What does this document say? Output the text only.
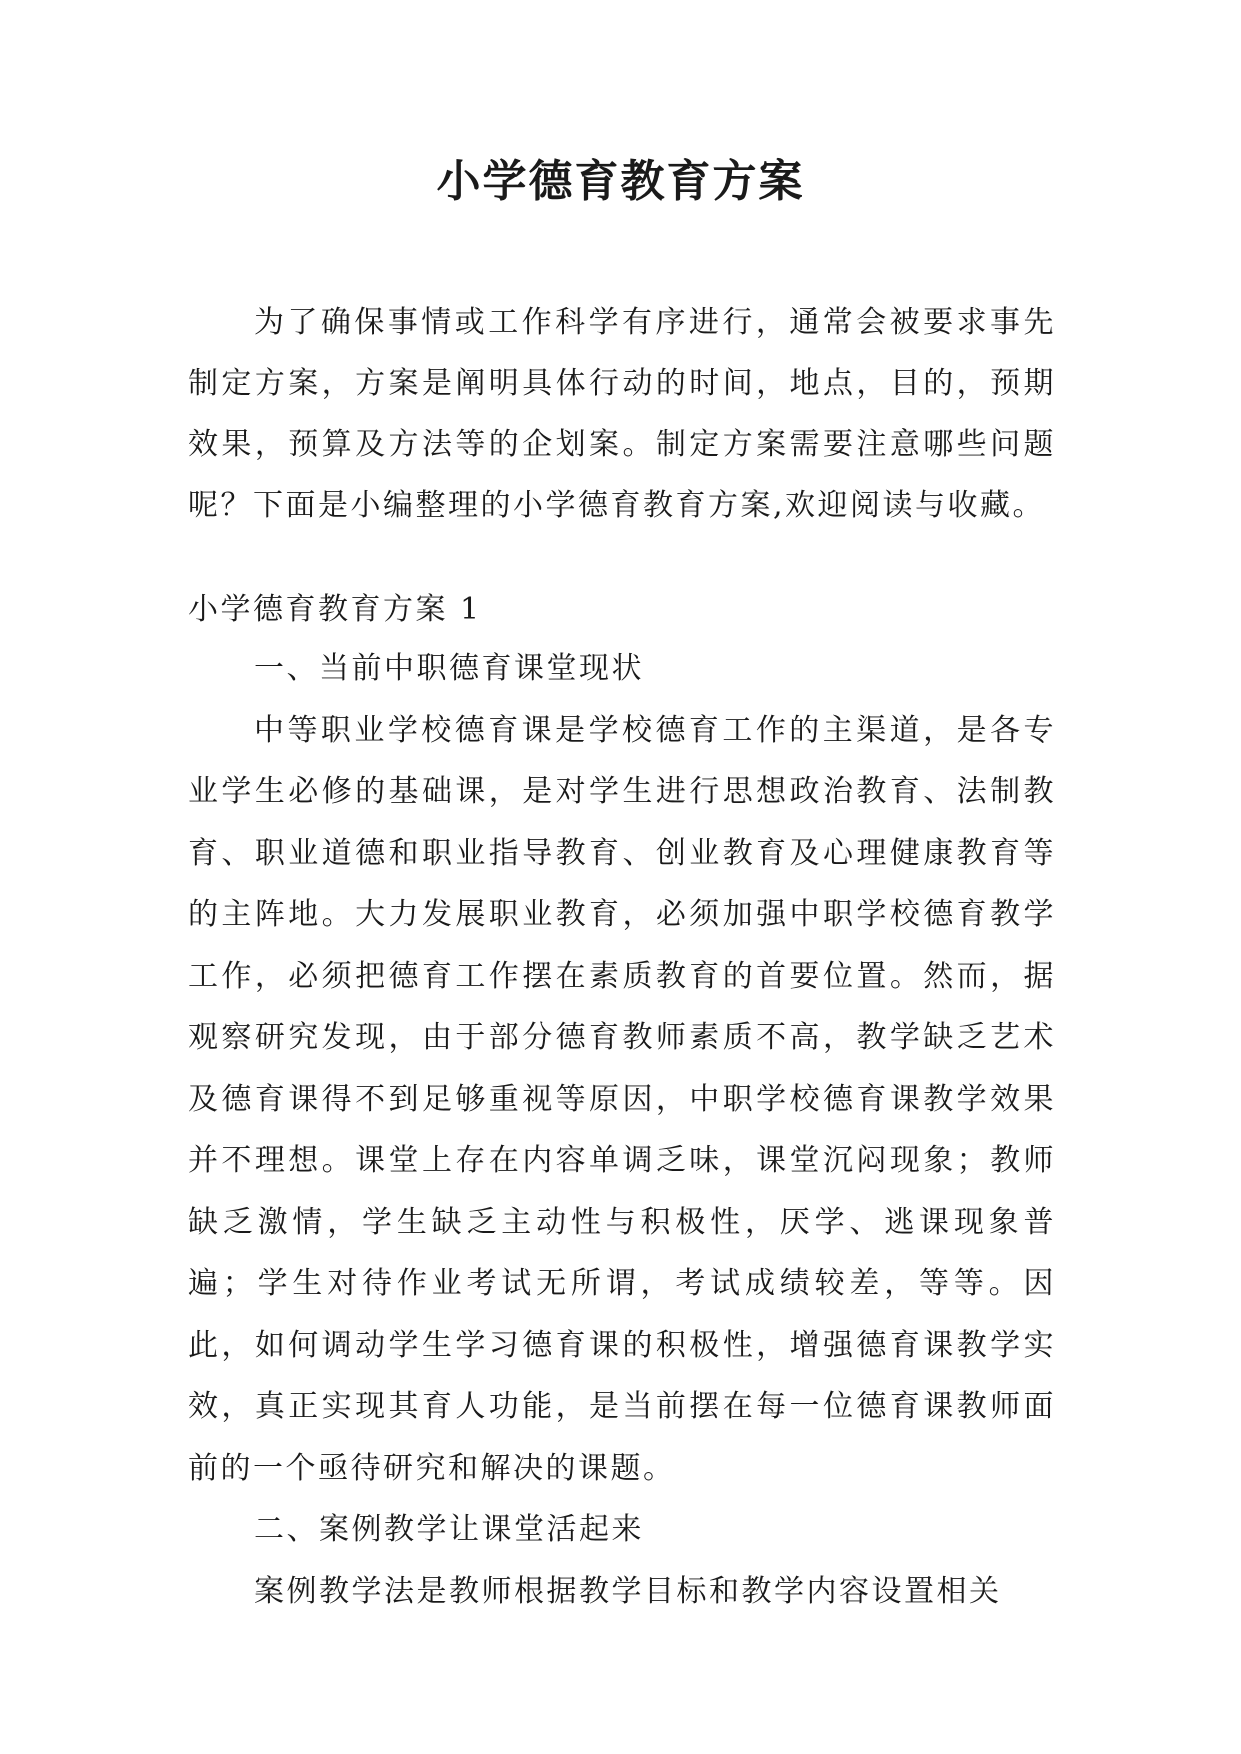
小学德育教育方案

为了确保事情或工作科学有序进行，通常会被要求事先制定方案，方案是阐明具体行动的时间，地点，目的，预期效果，预算及方法等的企划案。制定方案需要注意哪些问题呢？下面是小编整理的小学德育教育方案,欢迎阅读与收藏。

小学德育教育方案 1

一、当前中职德育课堂现状

中等职业学校德育课是学校德育工作的主渠道，是各专业学生必修的基础课，是对学生进行思想政治教育、法制教育、职业道德和职业指导教育、创业教育及心理健康教育等的主阵地。大力发展职业教育，必须加强中职学校德育教学工作，必须把德育工作摆在素质教育的首要位置。然而，据观察研究发现，由于部分德育教师素质不高，教学缺乏艺术及德育课得不到足够重视等原因，中职学校德育课教学效果并不理想。课堂上存在内容单调乏味，课堂沉闷现象；教师缺乏激情，学生缺乏主动性与积极性，厌学、逃课现象普遍；学生对待作业考试无所谓，考试成绩较差，等等。因此，如何调动学生学习德育课的积极性，增强德育课教学实效，真正实现其育人功能，是当前摆在每一位德育课教师面前的一个亟待研究和解决的课题。

二、案例教学让课堂活起来

案例教学法是教师根据教学目标和教学内容设置相关
